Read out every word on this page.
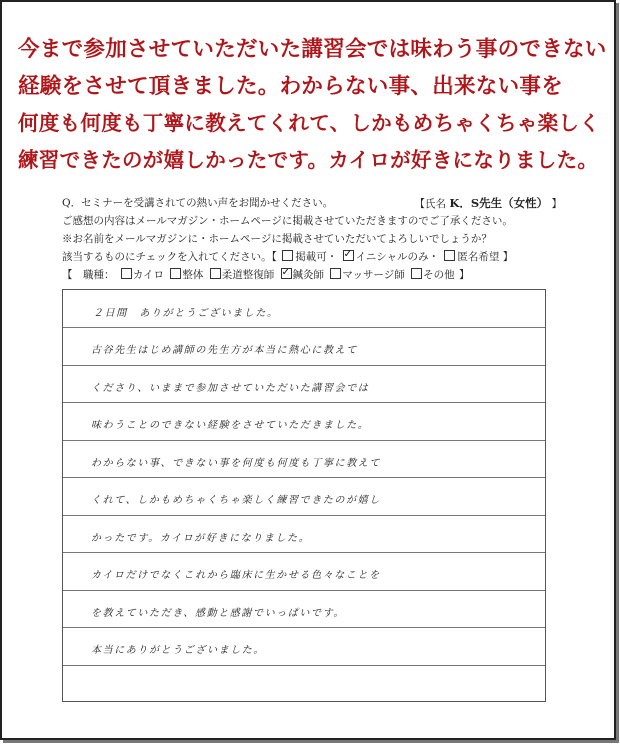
今まで参加させていただいた講習会では味わう事のできない
経験をさせて頂きました。わからない事、出来ない事を
何度も何度も丁寧に教えてくれて、しかもめちゃくちゃ楽しく
練習できたのが嬉しかったです。カイロが好きになりました。
Q．セミナーを受講されての熱い声をお聞かせください。	【氏名 K．S先生（女性） 】
ご感想の内容はメールマガジン・ホームページに掲載させていただきますのでご了承ください。
※お名前をメールマガジンに・ホームページに掲載させていただいてよろしいでしょうか？
該当するものにチェックを入れてください。【 掲載可・ ✓ イニシャルのみ・ 匿名希望 】
【　職種： カイロ 整体 柔道整復師 ✓ 鍼灸師 マッサージ師 その他 】
２日間　ありがとうございました。
古谷先生はじめ講師の先生方が本当に熱心に教えて
くださり、いままで参加させていただいた講習会では
味わうことのできない経験をさせていただきました。
わからない事、できない事を何度も何度も丁寧に教えて
くれて、しかもめちゃくちゃ楽しく練習できたのが嬉し
かったです。カイロが好きになりました。
カイロだけでなくこれから臨床に生かせる色々なことを
を教えていただき、感動と感謝でいっぱいです。
本当にありがとうございました。
